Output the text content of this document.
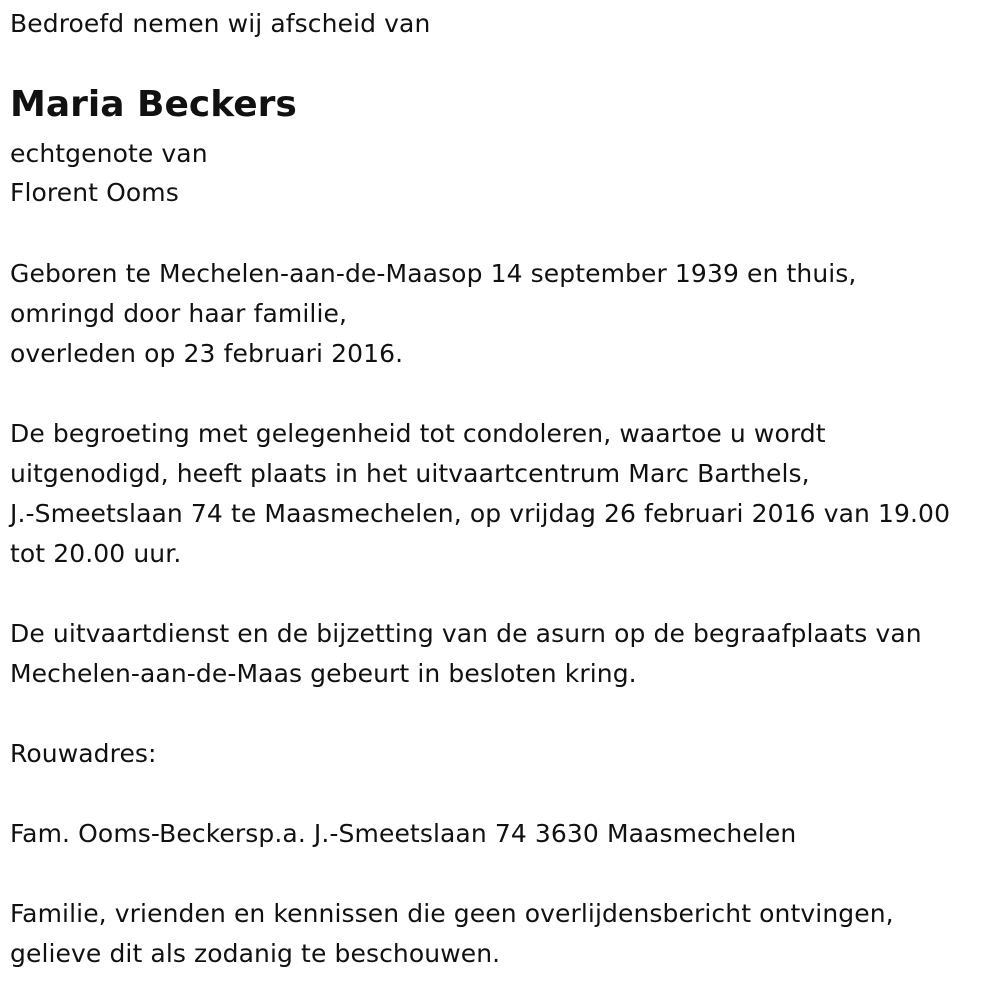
Bedroefd nemen wij afscheid van
Maria Beckers
echtgenote van
Florent Ooms
Geboren te Mechelen-aan-de-Maasop 14 september 1939 en thuis,
omringd door haar familie,
overleden op 23 februari 2016.
De begroeting met gelegenheid tot condoleren, waartoe u wordt
uitgenodigd, heeft plaats in het uitvaartcentrum Marc Barthels,
J.-Smeetslaan 74 te Maasmechelen, op vrijdag 26 februari 2016 van 19.00
tot 20.00 uur.
De uitvaartdienst en de bijzetting van de asurn op de begraafplaats van
Mechelen-aan-de-Maas gebeurt in besloten kring.
Rouwadres:
Fam. Ooms-Beckersp.a. J.-Smeetslaan 74 3630 Maasmechelen
Familie, vrienden en kennissen die geen overlijdensbericht ontvingen,
gelieve dit als zodanig te beschouwen.
